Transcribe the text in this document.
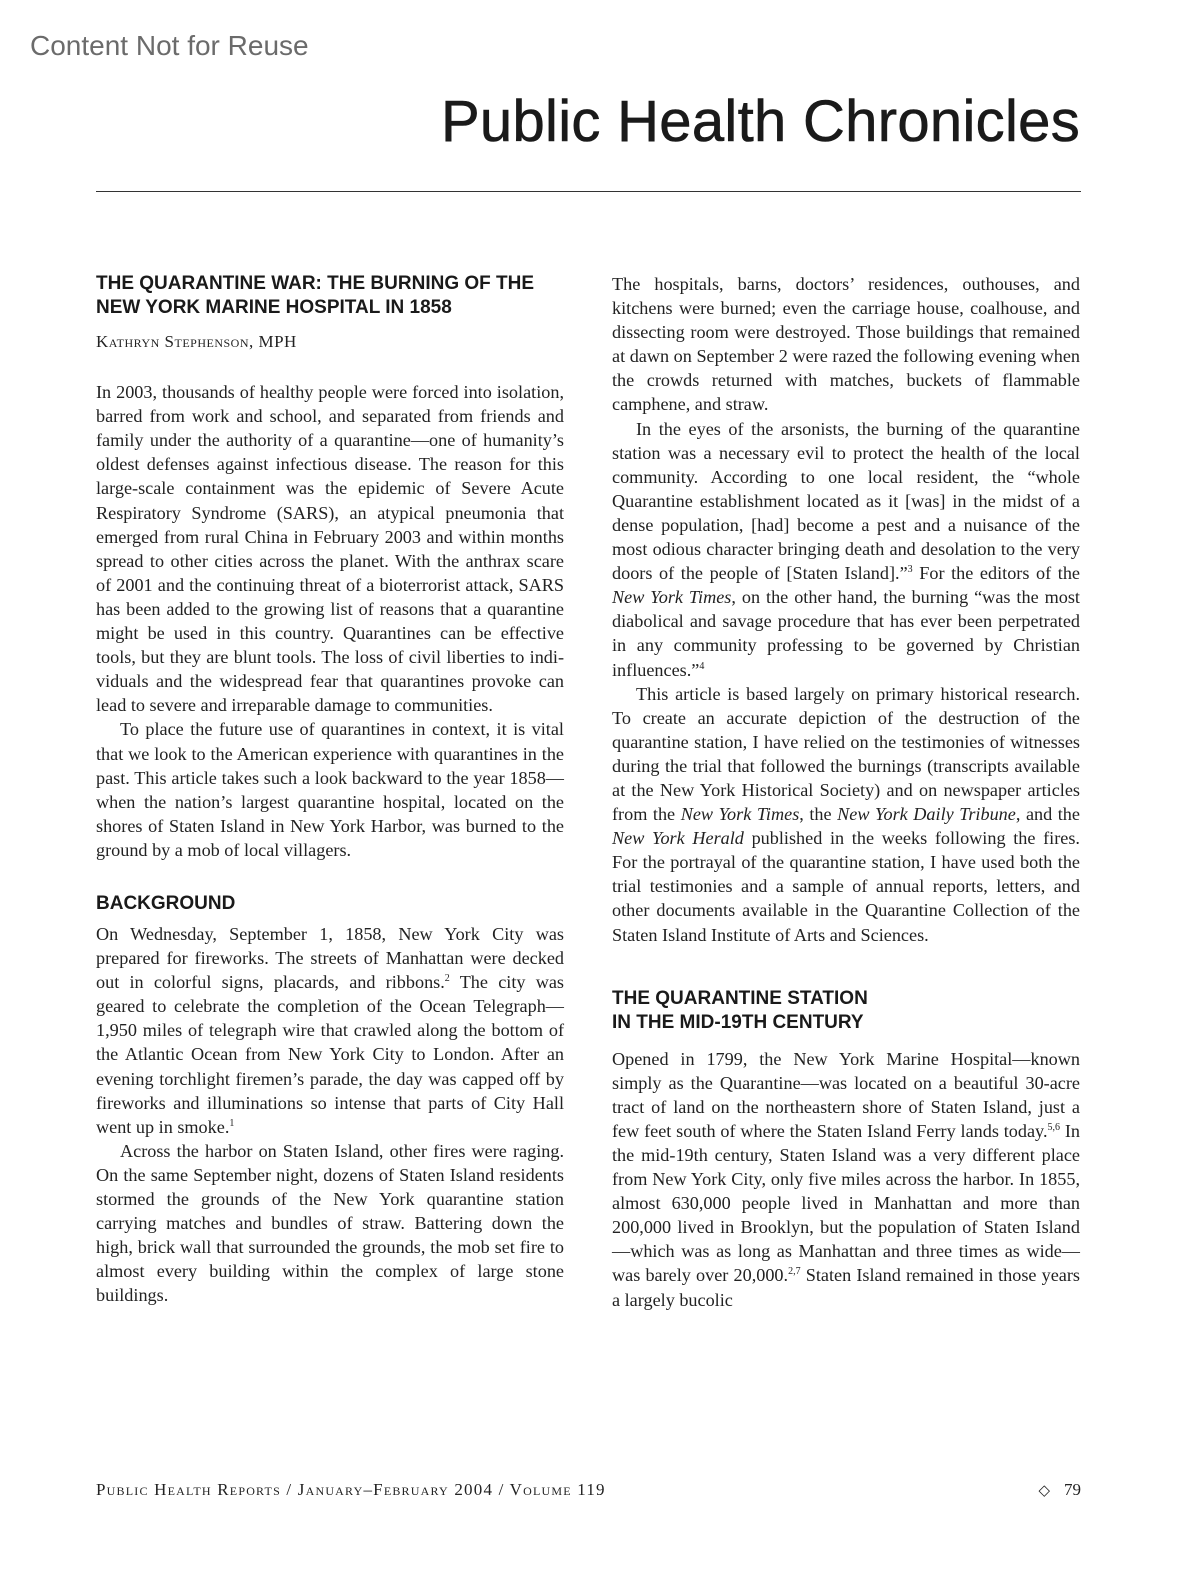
Content Not for Reuse
Public Health Chronicles
THE QUARANTINE WAR: THE BURNING OF THE NEW YORK MARINE HOSPITAL IN 1858
Kathryn Stephenson, MPH

In 2003, thousands of healthy people were forced into isolation, barred from work and school, and separated from friends and family under the authority of a quarantine—one of humanity’s oldest defenses against infectious disease. The reason for this large-scale containment was the epidemic of Severe Acute Respiratory Syndrome (SARS), an atypical pneumonia that emerged from rural China in February 2003 and within months spread to other cities across the planet. With the anthrax scare of 2001 and the continuing threat of a bioterrorist attack, SARS has been added to the growing list of reasons that a quarantine might be used in this country. Quarantines can be effective tools, but they are blunt tools. The loss of civil liberties to individuals and the widespread fear that quarantines provoke can lead to severe and irreparable damage to communities.

To place the future use of quarantines in context, it is vital that we look to the American experience with quarantines in the past. This article takes such a look backward to the year 1858—when the nation’s largest quarantine hospital, located on the shores of Staten Island in New York Harbor, was burned to the ground by a mob of local villagers.

BACKGROUND

On Wednesday, September 1, 1858, New York City was prepared for fireworks. The streets of Manhattan were decked out in colorful signs, placards, and ribbons.$^2$ The city was geared to celebrate the completion of the Ocean Telegraph—1,950 miles of telegraph wire that crawled along the bottom of the Atlantic Ocean from New York City to London. After an evening torchlight firemen’s parade, the day was capped off by fireworks and illuminations so intense that parts of City Hall went up in smoke.$^1$

Across the harbor on Staten Island, other fires were raging. On the same September night, dozens of Staten Island residents stormed the grounds of the New York quarantine station carrying matches and bundles of straw. Battering down the high, brick wall that surrounded the grounds, the mob set fire to almost every building within the complex of large stone buildings.

The hospitals, barns, doctors’ residences, outhouses, and kitchens were burned; even the carriage house, coalhouse, and dissecting room were destroyed. Those buildings that remained at dawn on September 2 were razed the following evening when the crowds returned with matches, buckets of flammable camphene, and straw.

In the eyes of the arsonists, the burning of the quarantine station was a necessary evil to protect the health of the local community. According to one local resident, the “whole Quarantine establishment located as it [was] in the midst of a dense population, [had] become a pest and a nuisance of the most odious character bringing death and desolation to the very doors of the people of [Staten Island].”$^3$ For the editors of the New York Times, on the other hand, the burning “was the most diabolical and savage procedure that has ever been perpetrated in any community professing to be governed by Christian influences.”$^4$

This article is based largely on primary historical research. To create an accurate depiction of the destruction of the quarantine station, I have relied on the testimonies of witnesses during the trial that followed the burnings (transcripts available at the New York Historical Society) and on newspaper articles from the New York Times, the New York Daily Tribune, and the New York Herald published in the weeks following the fires. For the portrayal of the quarantine station, I have used both the trial testimonies and a sample of annual reports, letters, and other documents available in the Quarantine Collection of the Staten Island Institute of Arts and Sciences.

THE QUARANTINE STATION
IN THE MID-19TH CENTURY

Opened in 1799, the New York Marine Hospital—known simply as the Quarantine—was located on a beautiful 30-acre tract of land on the northeastern shore of Staten Island, just a few feet south of where the Staten Island Ferry lands today.$^{5,6}$ In the mid-19th century, Staten Island was a very different place from New York City, only five miles across the harbor. In 1855, almost 630,000 people lived in Manhattan and more than 200,000 lived in Brooklyn, but the population of Staten Island—which was as long as Manhattan and three times as wide—was barely over 20,000.$^{2,7}$ Staten Island remained in those years a largely bucolic

Public Health Reports / January–February 2004 / Volume 119	◇ 79
